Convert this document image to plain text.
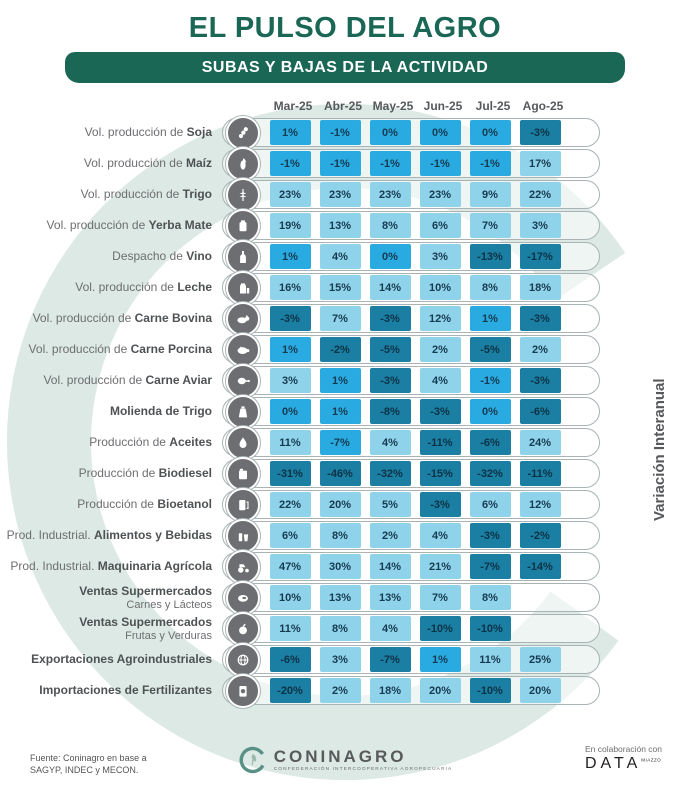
EL PULSO DEL AGRO
SUBAS Y BAJAS DE LA ACTIVIDAD
Mar-25 Abr-25 May-25 Jun-25	Jul-25	Ago-25
Vol. producción de Soja	1%	-1%	0%	0%	0%	-3%
Vol. producción de Maíz	-1%	-1%	-1%	-1%	-1%	17%
Vol. producción de Trigo	23%	23%	23%	23%	9%	22%
Vol. producción de Yerba Mate	19%	13%	8%	6%	7%	3%
Despacho de Vino	1%	4%	0%	3%	-13%	-17%
Vol. producción de Leche	16%	15%	14%	10%	8%	18%
Vol. producción de Carne Bovina	-3%	7%	-3%	12%	1%	-3%
Vol. producción de Carne Porcina	1%	-2%	-5%	2%	-5%	2%
Vol. producción de Carne Aviar	3%	1%	-3%	4%	-1%	-3%
Molienda de Trigo	0%	1%	-8%	-3%	0%	-6%
Producción de Aceites	11%	-7%	4%	-11%	-6%	24%
Producción de Biodiesel	-31%	-46%	-32%	-15%	-32%	-11%
Producción de Bioetanol	22%	20%	5%	-3%	6%	12%
Prod. Industrial. Alimentos y Bebidas	6%	8%	2%	4%	-3%	-2%
Prod. Industrial. Maquinaria Agrícola	47%	30%	14%	21%	-7%	-14%
Ventas Supermercados
Carnes y Lácteos
10%	13%	13%	7%	8%
Ventas Supermercados
Frutas y Verduras
11%	8%	4%	-10%	-10%
Exportaciones Agroindustriales	-6%	3%	-7%	1%	11%	25%
Importaciones de Fertilizantes	-20%	2%	18%	20%	-10%	20%
Variación Interanual
Fuente: Coninagro en base a
SAGYP, INDEC y MECON.
CONINAGRO
CONFEDERACIÓN INTERCOOPERATIVA AGROPECUARIA
En colaboración con
$DATA^{MIAZZO}$
